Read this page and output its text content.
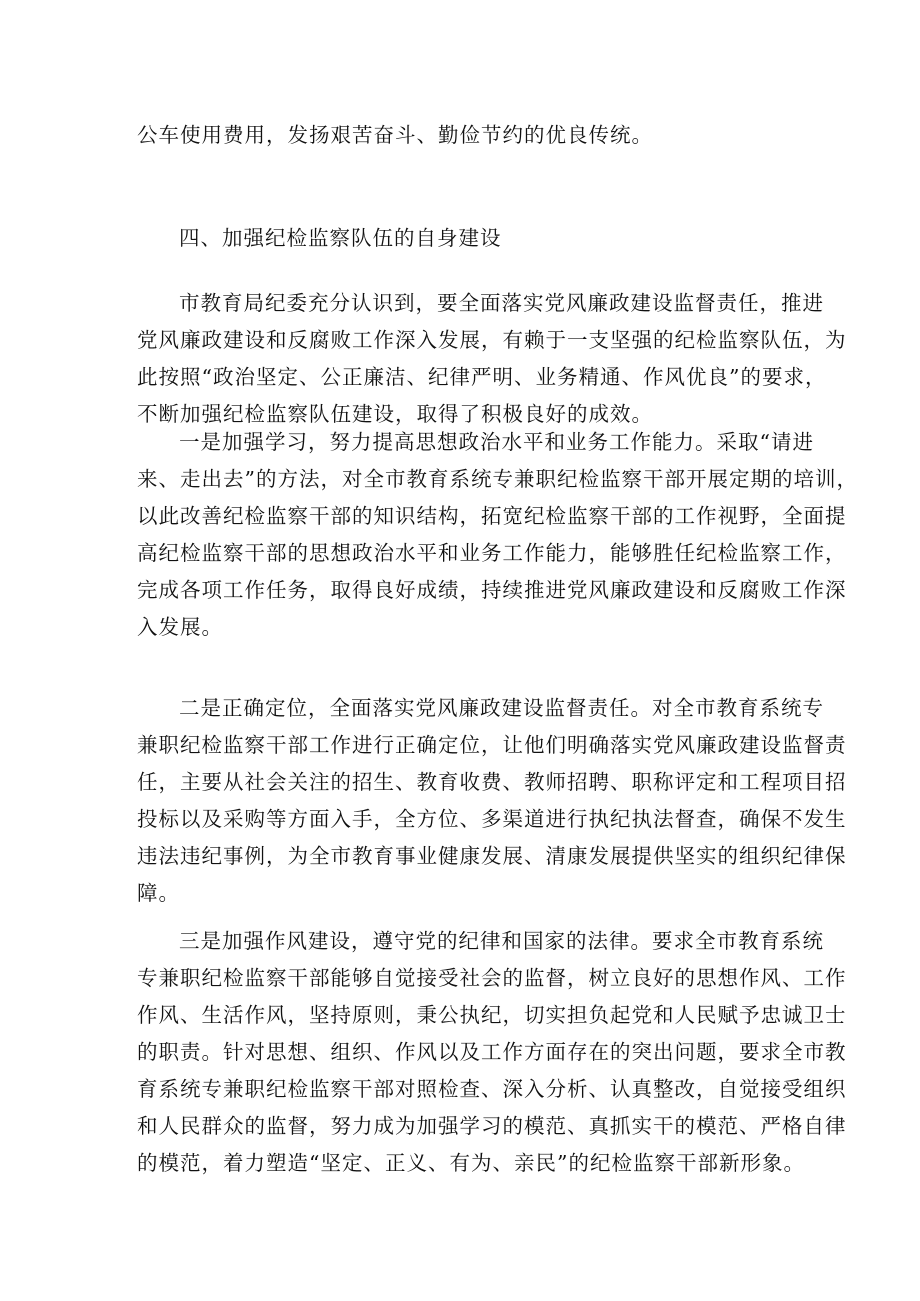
公车使用费用，发扬艰苦奋斗、勤俭节约的优良传统。
四、加强纪检监察队伍的自身建设
市教育局纪委充分认识到，要全面落实党风廉政建设监督责任，推进
党风廉政建设和反腐败工作深入发展，有赖于一支坚强的纪检监察队伍，为
此按照“政治坚定、公正廉洁、纪律严明、业务精通、作风优良”的要求，
不断加强纪检监察队伍建设，取得了积极良好的成效。
一是加强学习，努力提高思想政治水平和业务工作能力。采取“请进
来、走出去”的方法，对全市教育系统专兼职纪检监察干部开展定期的培训，
以此改善纪检监察干部的知识结构，拓宽纪检监察干部的工作视野，全面提
高纪检监察干部的思想政治水平和业务工作能力，能够胜任纪检监察工作，
完成各项工作任务，取得良好成绩，持续推进党风廉政建设和反腐败工作深
入发展。
二是正确定位，全面落实党风廉政建设监督责任。对全市教育系统专
兼职纪检监察干部工作进行正确定位，让他们明确落实党风廉政建设监督责
任，主要从社会关注的招生、教育收费、教师招聘、职称评定和工程项目招
投标以及采购等方面入手，全方位、多渠道进行执纪执法督查，确保不发生
违法违纪事例，为全市教育事业健康发展、清康发展提供坚实的组织纪律保
障。
三是加强作风建设，遵守党的纪律和国家的法律。要求全市教育系统
专兼职纪检监察干部能够自觉接受社会的监督，树立良好的思想作风、工作
作风、生活作风，坚持原则，秉公执纪，切实担负起党和人民赋予忠诚卫士
的职责。针对思想、组织、作风以及工作方面存在的突出问题，要求全市教
育系统专兼职纪检监察干部对照检查、深入分析、认真整改，自觉接受组织
和人民群众的监督，努力成为加强学习的模范、真抓实干的模范、严格自律
的模范，着力塑造“坚定、正义、有为、亲民”的纪检监察干部新形象。
